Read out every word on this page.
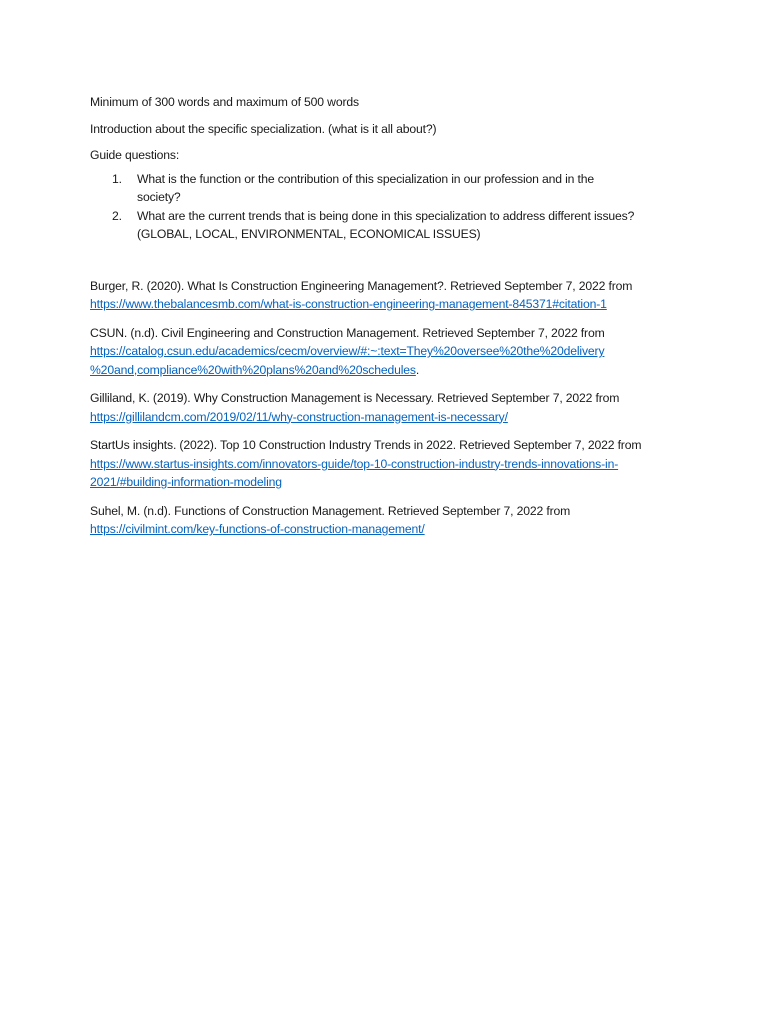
Minimum of 300 words and maximum of 500 words

Introduction about the specific specialization. (what is it all about?)

Guide questions:

1. What is the function or the contribution of this specialization in our profession and in the
society?
2. What are the current trends that is being done in this specialization to address different issues?
(GLOBAL, LOCAL, ENVIRONMENTAL, ECONOMICAL ISSUES)
Burger, R. (2020). What Is Construction Engineering Management?. Retrieved September 7, 2022 from
https://www.thebalancesmb.com/what-is-construction-engineering-management-845371#citation-1
CSUN. (n.d). Civil Engineering and Construction Management. Retrieved September 7, 2022 from
https://catalog.csun.edu/academics/cecm/overview/#:~:text=They%20oversee%20the%20delivery
%20and,compliance%20with%20plans%20and%20schedules.
Gilliland, K. (2019). Why Construction Management is Necessary. Retrieved September 7, 2022 from
https://gillilandcm.com/2019/02/11/why-construction-management-is-necessary/
StartUs insights. (2022). Top 10 Construction Industry Trends in 2022. Retrieved September 7, 2022 from
https://www.startus-insights.com/innovators-guide/top-10-construction-industry-trends-innovations-in-
2021/#building-information-modeling
Suhel, M. (n.d). Functions of Construction Management. Retrieved September 7, 2022 from
https://civilmint.com/key-functions-of-construction-management/
